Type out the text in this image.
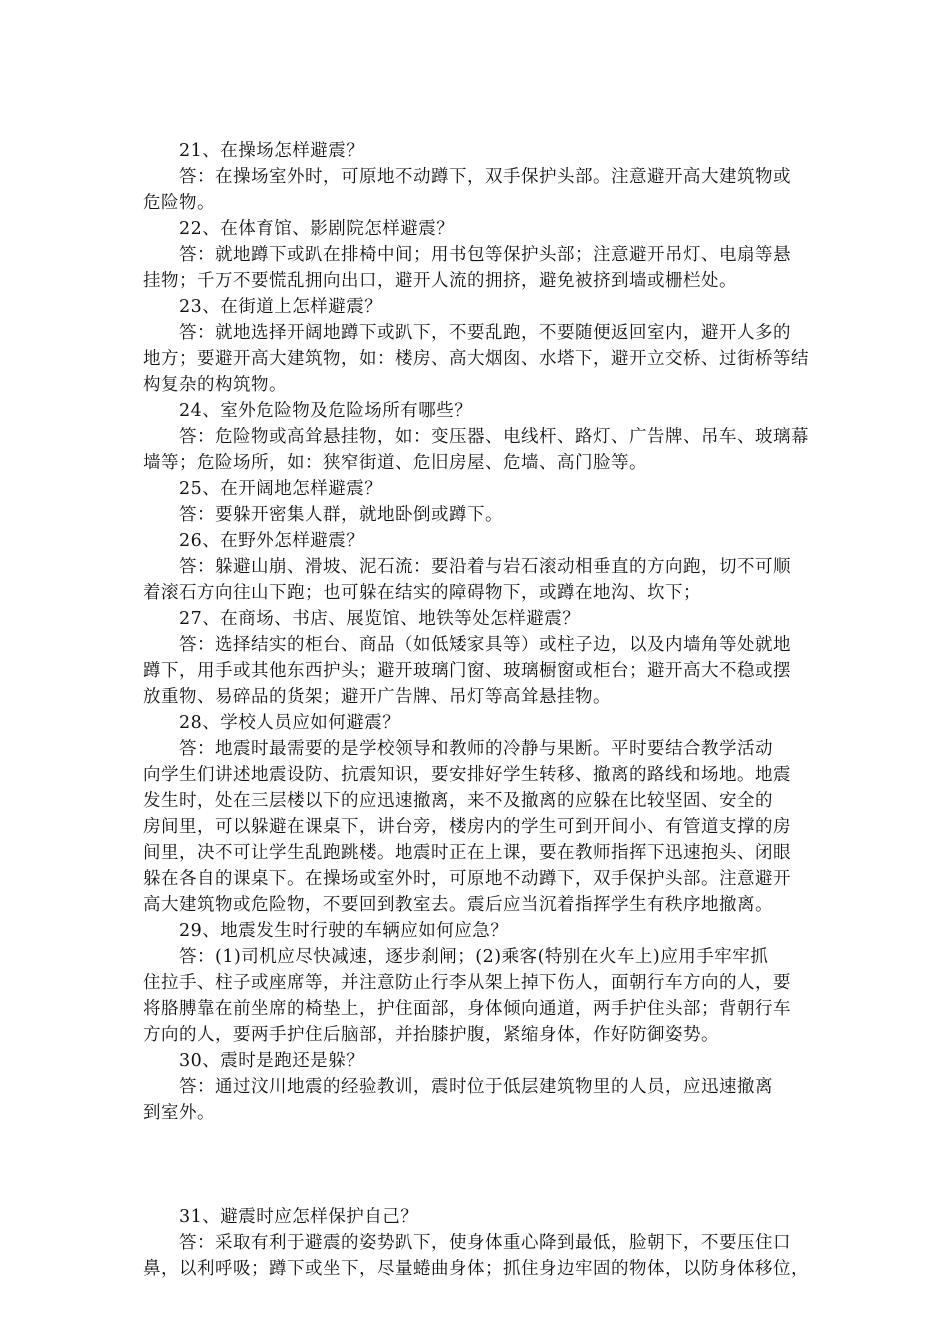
21、在操场怎样避震？
答：在操场室外时，可原地不动蹲下，双手保护头部。注意避开高大建筑物或
危险物。
22、在体育馆、影剧院怎样避震？
答：就地蹲下或趴在排椅中间；用书包等保护头部；注意避开吊灯、电扇等悬
挂物；千万不要慌乱拥向出口，避开人流的拥挤，避免被挤到墙或栅栏处。
23、在街道上怎样避震？
答：就地选择开阔地蹲下或趴下，不要乱跑，不要随便返回室内，避开人多的
地方；要避开高大建筑物，如：楼房、高大烟囱、水塔下，避开立交桥、过街桥等结
构复杂的构筑物。
24、室外危险物及危险场所有哪些？
答：危险物或高耸悬挂物，如：变压器、电线杆、路灯、广告牌、吊车、玻璃幕
墙等；危险场所，如：狭窄街道、危旧房屋、危墙、高门脸等。
25、在开阔地怎样避震？
答：要躲开密集人群，就地卧倒或蹲下。
26、在野外怎样避震？
答：躲避山崩、滑坡、泥石流：要沿着与岩石滚动相垂直的方向跑，切不可顺
着滚石方向往山下跑；也可躲在结实的障碍物下，或蹲在地沟、坎下；
27、在商场、书店、展览馆、地铁等处怎样避震？
答：选择结实的柜台、商品（如低矮家具等）或柱子边，以及内墙角等处就地
蹲下，用手或其他东西护头；避开玻璃门窗、玻璃橱窗或柜台；避开高大不稳或摆
放重物、易碎品的货架；避开广告牌、吊灯等高耸悬挂物。
28、学校人员应如何避震？
答：地震时最需要的是学校领导和教师的冷静与果断。平时要结合教学活动
向学生们讲述地震设防、抗震知识，要安排好学生转移、撤离的路线和场地。地震
发生时，处在三层楼以下的应迅速撤离，来不及撤离的应躲在比较坚固、安全的
房间里，可以躲避在课桌下，讲台旁，楼房内的学生可到开间小、有管道支撑的房
间里，决不可让学生乱跑跳楼。地震时正在上课，要在教师指挥下迅速抱头、闭眼
躲在各自的课桌下。在操场或室外时，可原地不动蹲下，双手保护头部。注意避开
高大建筑物或危险物，不要回到教室去。震后应当沉着指挥学生有秩序地撤离。
29、地震发生时行驶的车辆应如何应急？
答：(1)司机应尽快减速，逐步刹闸；(2)乘客(特别在火车上)应用手牢牢抓
住拉手、柱子或座席等，并注意防止行李从架上掉下伤人，面朝行车方向的人，要
将胳膊靠在前坐席的椅垫上，护住面部，身体倾向通道，两手护住头部；背朝行车
方向的人，要两手护住后脑部，并抬膝护腹，紧缩身体，作好防御姿势。
30、震时是跑还是躲？
答：通过汶川地震的经验教训，震时位于低层建筑物里的人员，应迅速撤离
到室外。
31、避震时应怎样保护自己？
答：采取有利于避震的姿势趴下，使身体重心降到最低，脸朝下，不要压住口
鼻，以利呼吸；蹲下或坐下，尽量蜷曲身体；抓住身边牢固的物体，以防身体移位，
